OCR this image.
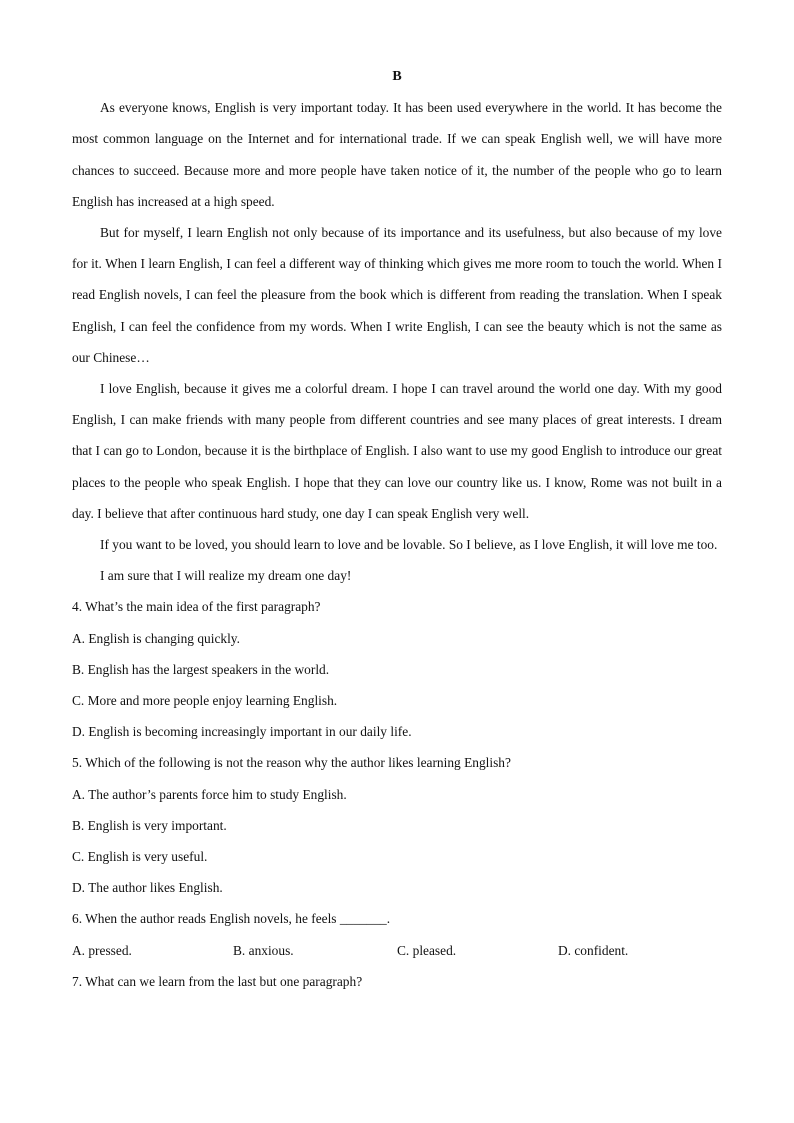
B

As everyone knows, English is very important today. It has been used everywhere in the world. It has become the most common language on the Internet and for international trade. If we can speak English well, we will have more chances to succeed. Because more and more people have taken notice of it, the number of the people who go to learn English has increased at a high speed.

But for myself, I learn English not only because of its importance and its usefulness, but also because of my love for it. When I learn English, I can feel a different way of thinking which gives me more room to touch the world. When I read English novels, I can feel the pleasure from the book which is different from reading the translation. When I speak English, I can feel the confidence from my words. When I write English, I can see the beauty which is not the same as our Chinese…

I love English, because it gives me a colorful dream. I hope I can travel around the world one day. With my good English, I can make friends with many people from different countries and see many places of great interests. I dream that I can go to London, because it is the birthplace of English. I also want to use my good English to introduce our great places to the people who speak English. I hope that they can love our country like us. I know, Rome was not built in a day. I believe that after continuous hard study, one day I can speak English very well.

If you want to be loved, you should learn to love and be lovable. So I believe, as I love English, it will love me too.

I am sure that I will realize my dream one day!

4. What’s the main idea of the first paragraph?

A. English is changing quickly.

B. English has the largest speakers in the world.

C. More and more people enjoy learning English.

D. English is becoming increasingly important in our daily life.

5. Which of the following is not the reason why the author likes learning English?

A. The author’s parents force him to study English.

B. English is very important.

C. English is very useful.

D. The author likes English.

6. When the author reads English novels, he feels _______.

A. pressed.	B. anxious.	C. pleased.	D. confident.

7. What can we learn from the last but one paragraph?
